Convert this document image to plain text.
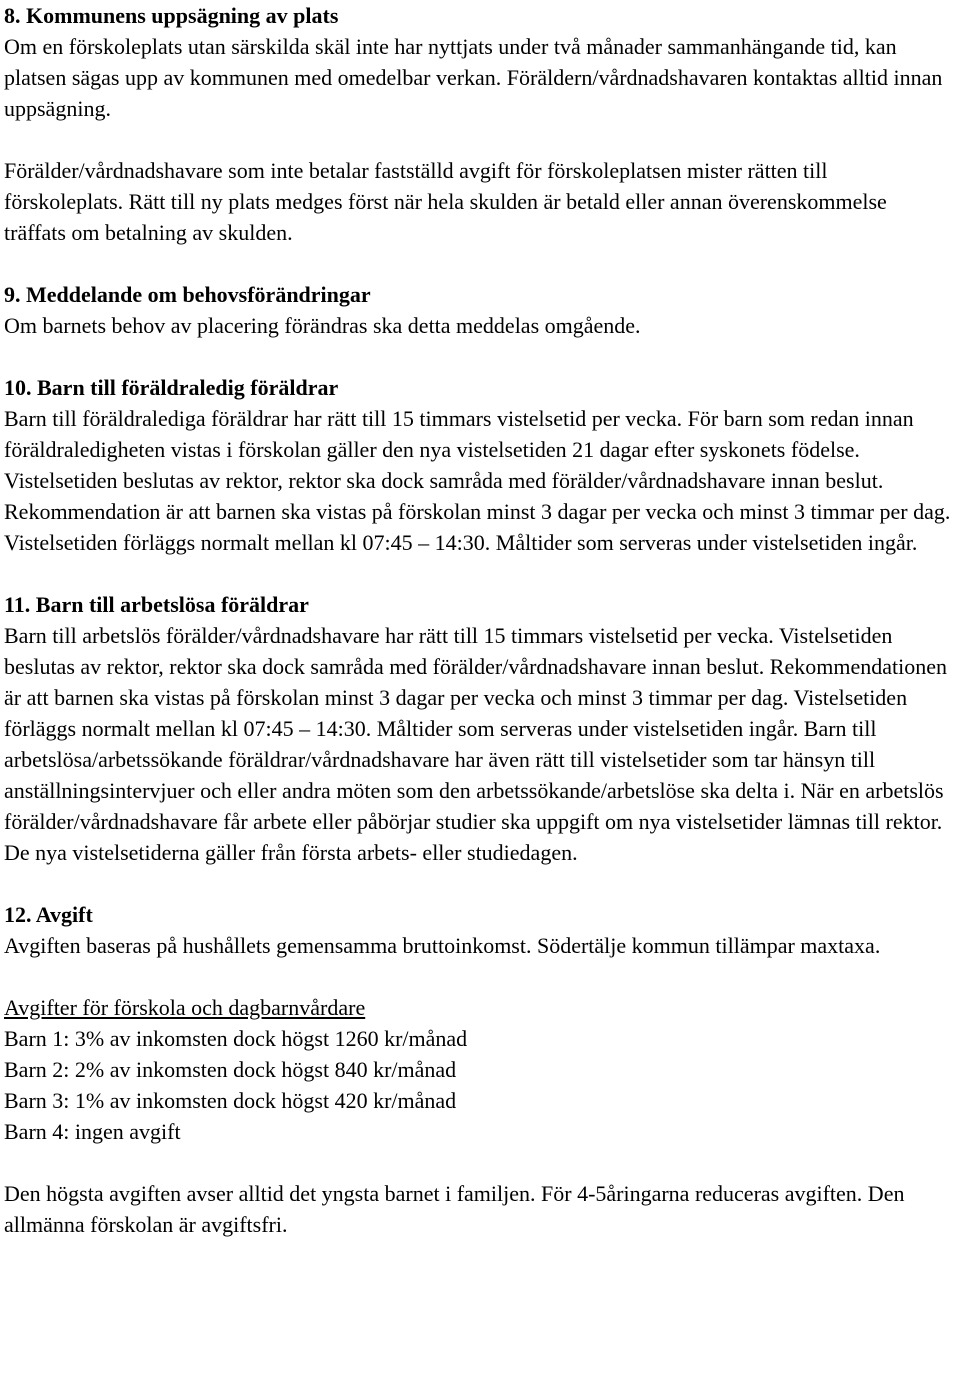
8. Kommunens uppsägning av plats

Om en förskoleplats utan särskilda skäl inte har nyttjats under två månader sammanhängande tid, kan platsen sägas upp av kommunen med omedelbar verkan. Föräldern/vårdnadshavaren kontaktas alltid innan uppsägning.

Förälder/vårdnadshavare som inte betalar fastställd avgift för förskoleplatsen mister rätten till förskoleplats. Rätt till ny plats medges först när hela skulden är betald eller annan överenskommelse träffats om betalning av skulden.

9. Meddelande om behovsförändringar

Om barnets behov av placering förändras ska detta meddelas omgående.

10. Barn till föräldraledig föräldrar

Barn till föräldralediga föräldrar har rätt till 15 timmars vistelsetid per vecka. För barn som redan innan föräldraledigheten vistas i förskolan gäller den nya vistelsetiden 21 dagar efter syskonets födelse. Vistelsetiden beslutas av rektor, rektor ska dock samråda med förälder/vårdnadshavare innan beslut. Rekommendation är att barnen ska vistas på förskolan minst 3 dagar per vecka och minst 3 timmar per dag. Vistelsetiden förläggs normalt mellan kl 07:45 – 14:30. Måltider som serveras under vistelsetiden ingår.

11. Barn till arbetslösa föräldrar

Barn till arbetslös förälder/vårdnadshavare har rätt till 15 timmars vistelsetid per vecka. Vistelsetiden beslutas av rektor, rektor ska dock samråda med förälder/vårdnadshavare innan beslut. Rekommendationen är att barnen ska vistas på förskolan minst 3 dagar per vecka och minst 3 timmar per dag. Vistelsetiden förläggs normalt mellan kl 07:45 – 14:30. Måltider som serveras under vistelsetiden ingår. Barn till arbetslösa/arbetssökande föräldrar/vårdnadshavare har även rätt till vistelsetider som tar hänsyn till anställningsintervjuer och eller andra möten som den arbetssökande/arbetslöse ska delta i. När en arbetslös förälder/vårdnadshavare får arbete eller påbörjar studier ska uppgift om nya vistelsetider lämnas till rektor. De nya vistelsetiderna gäller från första arbets- eller studiedagen.

12. Avgift

Avgiften baseras på hushållets gemensamma bruttoinkomst. Södertälje kommun tillämpar maxtaxa.

Avgifter för förskola och dagbarnvårdare
Barn 1: 3% av inkomsten dock högst 1260 kr/månad
Barn 2: 2% av inkomsten dock högst 840 kr/månad
Barn 3: 1% av inkomsten dock högst 420 kr/månad
Barn 4: ingen avgift

Den högsta avgiften avser alltid det yngsta barnet i familjen. För 4-5åringarna reduceras avgiften. Den allmänna förskolan är avgiftsfri.
